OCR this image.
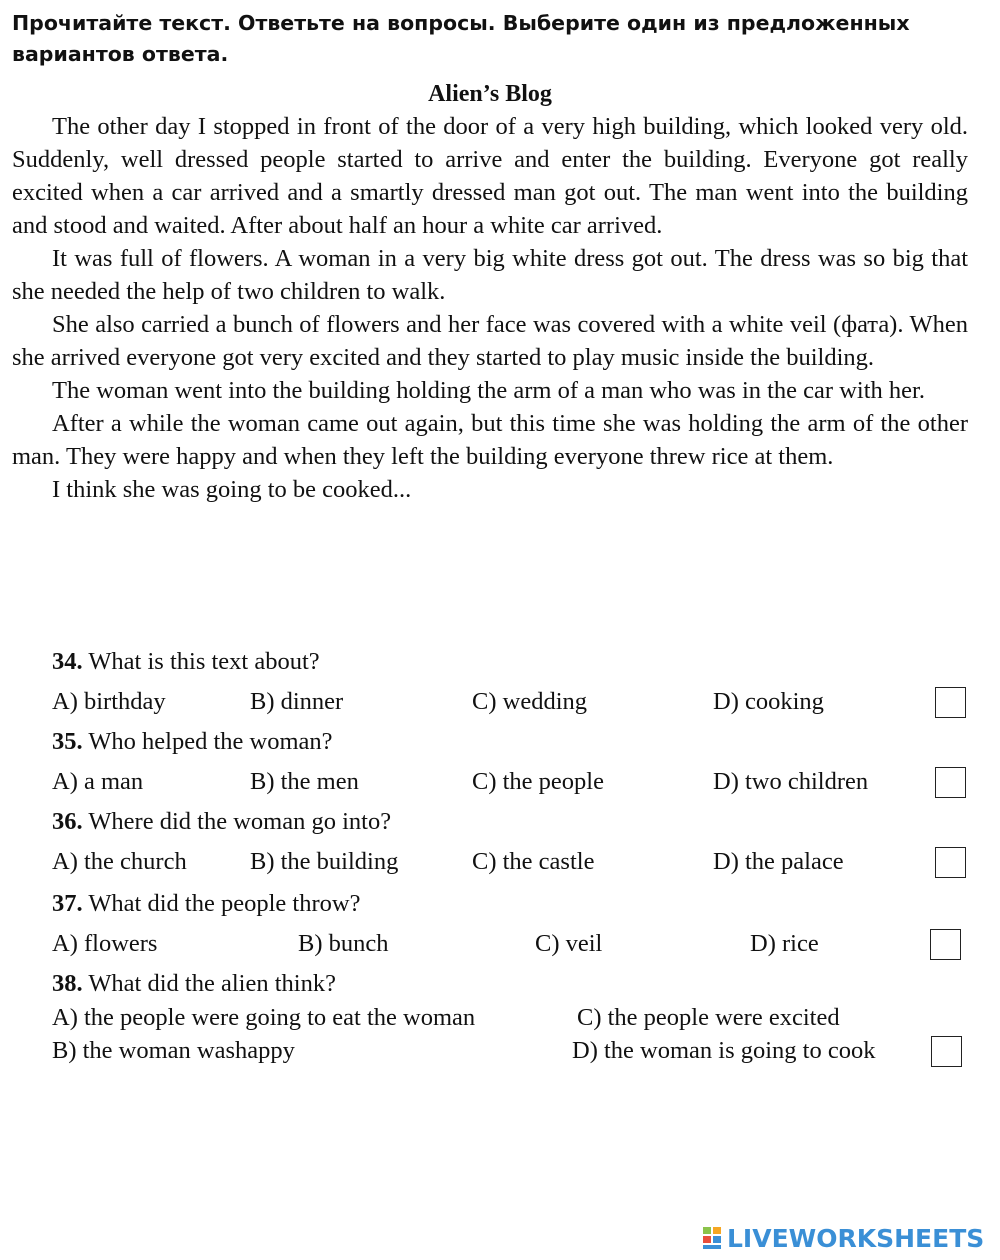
Прочитайте текст. Ответьте на вопросы. Выберите один из предложенных вариантов ответа.
Alien’s Blog

The other day I stopped in front of the door of a very high building, which looked very old. Suddenly, well dressed people started to arrive and enter the building. Everyone got really excited when a car arrived and a smartly dressed man got out. The man went into the building and stood and waited. After about half an hour a white car arrived.

It was full of flowers. A woman in a very big white dress got out. The dress was so big that she needed the help of two children to walk.

She also carried a bunch of flowers and her face was covered with a white veil (фата). When she arrived everyone got very excited and they started to play music inside the building.

The woman went into the building holding the arm of a man who was in the car with her.

After a while the woman came out again, but this time she was holding the arm of the other man. They were happy and when they left the building everyone threw rice at them.

I think she was going to be cooked...

34. What is this text about?
A) birthday	B) dinner	C) wedding	D) cooking
35. Who helped the woman?
A) a man	B) the men	C) the people	D) two children
36. Where did the woman go into?
A) the church	B) the building	C) the castle	D) the palace
37. What did the people throw?
A) flowers	B) bunch	C) veil	D) rice
38. What did the alien think?
A) the people were going to eat the woman	C) the people were excited
B) the woman washappy	D) the woman is going to cook
LIVEWORKSHEETS
